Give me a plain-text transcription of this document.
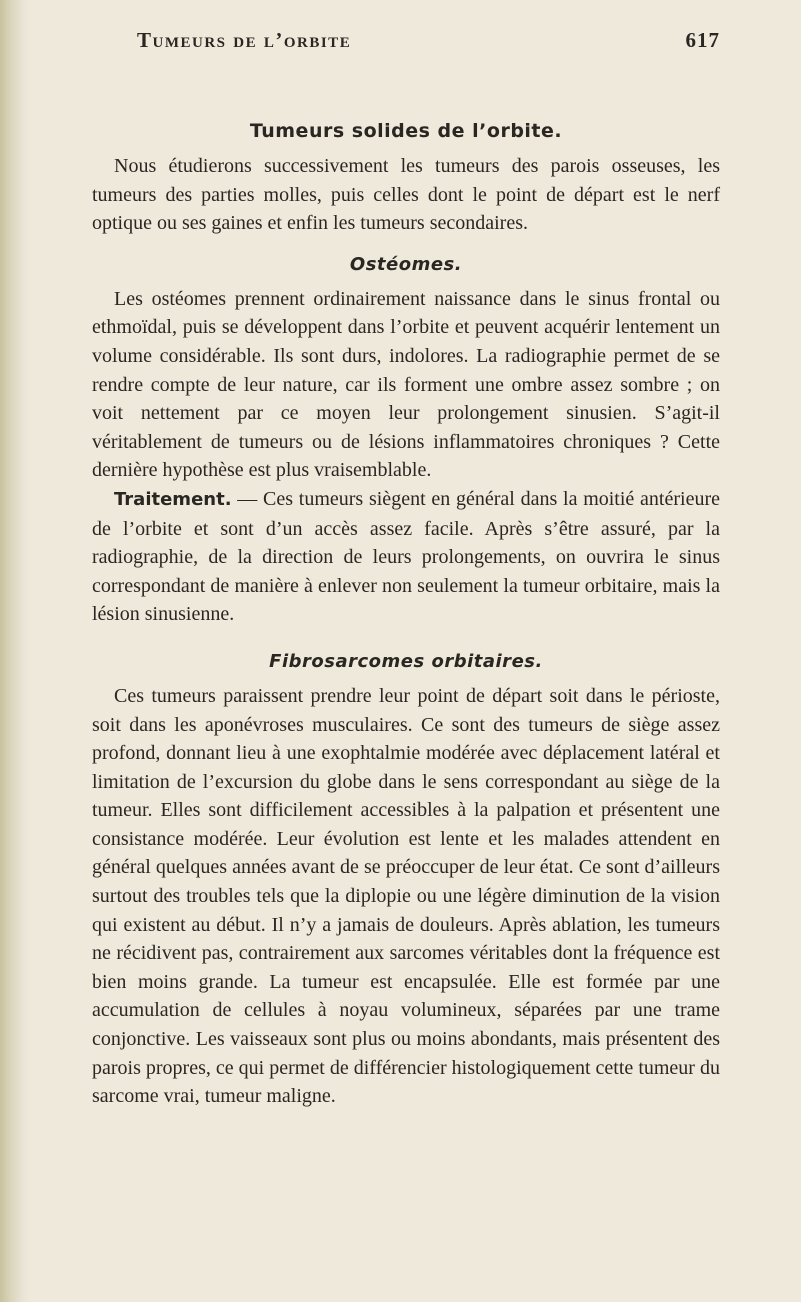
Tumeurs de l’orbite	617
Tumeurs solides de l’orbite.

Nous étudierons successivement les tumeurs des parois osseuses, les tumeurs des parties molles, puis celles dont le point de départ est le nerf optique ou ses gaines et enfin les tumeurs secondaires.

Ostéomes.

Les ostéomes prennent ordinairement naissance dans le sinus frontal ou ethmoïdal, puis se développent dans l’orbite et peuvent acquérir lentement un volume considérable. Ils sont durs, indolores. La radiographie permet de se rendre compte de leur nature, car ils forment une ombre assez sombre ; on voit nettement par ce moyen leur prolongement sinusien. S’agit-il véritablement de tumeurs ou de lésions inflammatoires chroniques ? Cette dernière hypothèse est plus vraisemblable.

Traitement. — Ces tumeurs siègent en général dans la moitié antérieure de l’orbite et sont d’un accès assez facile. Après s’être assuré, par la radiographie, de la direction de leurs prolongements, on ouvrira le sinus correspondant de manière à enlever non seulement la tumeur orbitaire, mais la lésion sinusienne.

Fibrosarcomes orbitaires.

Ces tumeurs paraissent prendre leur point de départ soit dans le périoste, soit dans les aponévroses musculaires. Ce sont des tumeurs de siège assez profond, donnant lieu à une exophtalmie modérée avec déplacement latéral et limitation de l’excursion du globe dans le sens correspondant au siège de la tumeur. Elles sont difficilement accessibles à la palpation et présentent une consistance modérée. Leur évolution est lente et les malades attendent en général quelques années avant de se préoccuper de leur état. Ce sont d’ailleurs surtout des troubles tels que la diplopie ou une légère diminution de la vision qui existent au début. Il n’y a jamais de douleurs. Après ablation, les tumeurs ne récidivent pas, contrairement aux sarcomes véritables dont la fréquence est bien moins grande. La tumeur est encapsulée. Elle est formée par une accumulation de cellules à noyau volumineux, séparées par une trame conjonctive. Les vaisseaux sont plus ou moins abondants, mais présentent des parois propres, ce qui permet de différencier histologiquement cette tumeur du sarcome vrai, tumeur maligne.
